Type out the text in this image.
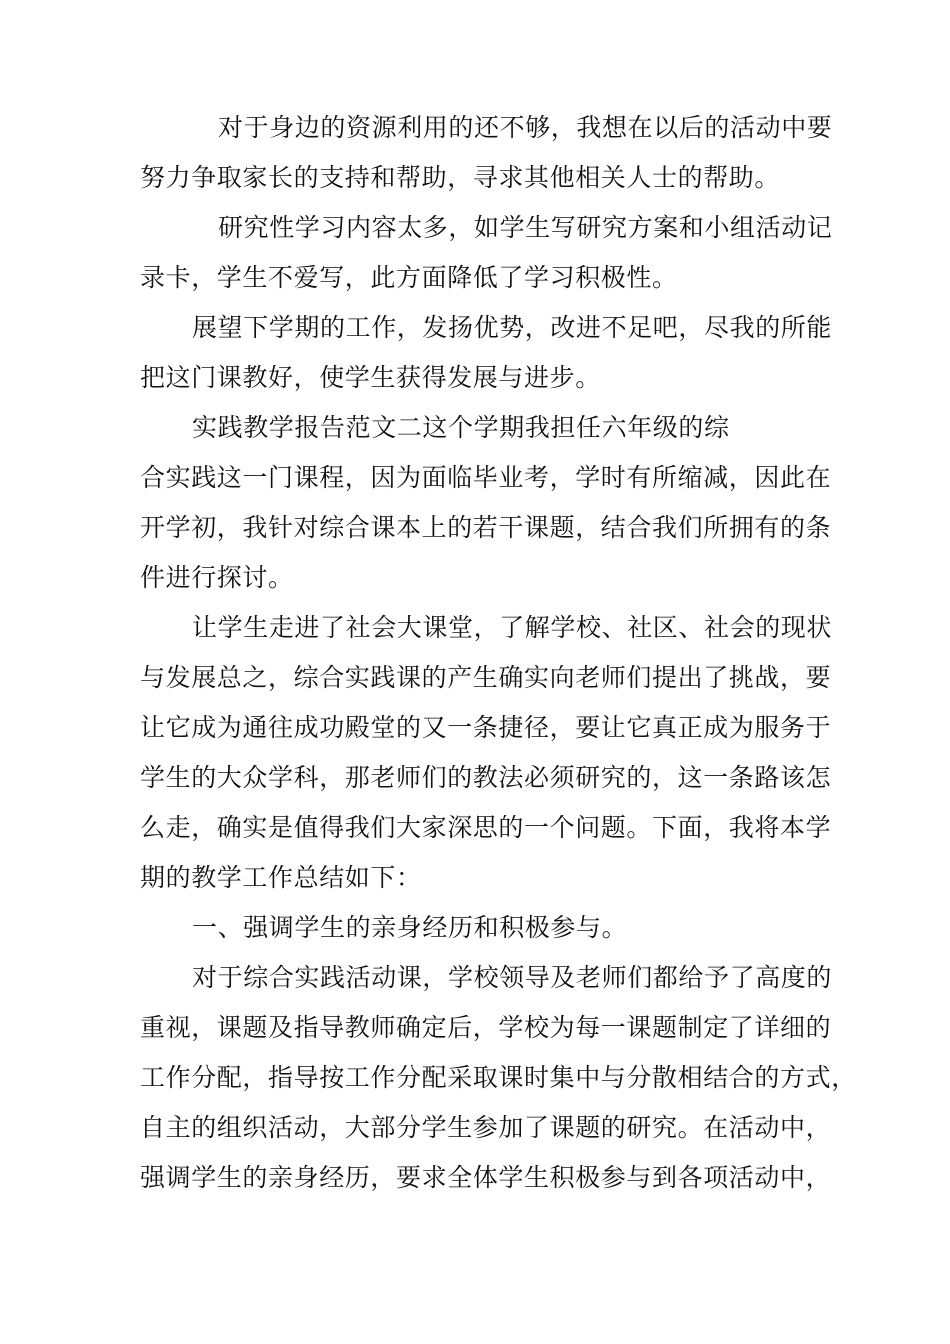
对于身边的资源利用的还不够，我想在以后的活动中要

努力争取家长的支持和帮助，寻求其他相关人士的帮助。

研究性学习内容太多，如学生写研究方案和小组活动记

录卡，学生不爱写，此方面降低了学习积极性。

展望下学期的工作，发扬优势，改进不足吧，尽我的所能

把这门课教好，使学生获得发展与进步。

实践教学报告范文二这个学期我担任六年级的综

合实践这一门课程，因为面临毕业考，学时有所缩减，因此在

开学初，我针对综合课本上的若干课题，结合我们所拥有的条

件进行探讨。

让学生走进了社会大课堂，了解学校、社区、社会的现状

与发展总之，综合实践课的产生确实向老师们提出了挑战，要

让它成为通往成功殿堂的又一条捷径，要让它真正成为服务于

学生的大众学科，那老师们的教法必须研究的，这一条路该怎

么走，确实是值得我们大家深思的一个问题。下面，我将本学

期的教学工作总结如下：

一、强调学生的亲身经历和积极参与。

对于综合实践活动课，学校领导及老师们都给予了高度的

重视，课题及指导教师确定后，学校为每一课题制定了详细的

工作分配，指导按工作分配采取课时集中与分散相结合的方式，

自主的组织活动，大部分学生参加了课题的研究。在活动中，

强调学生的亲身经历，要求全体学生积极参与到各项活动中，
